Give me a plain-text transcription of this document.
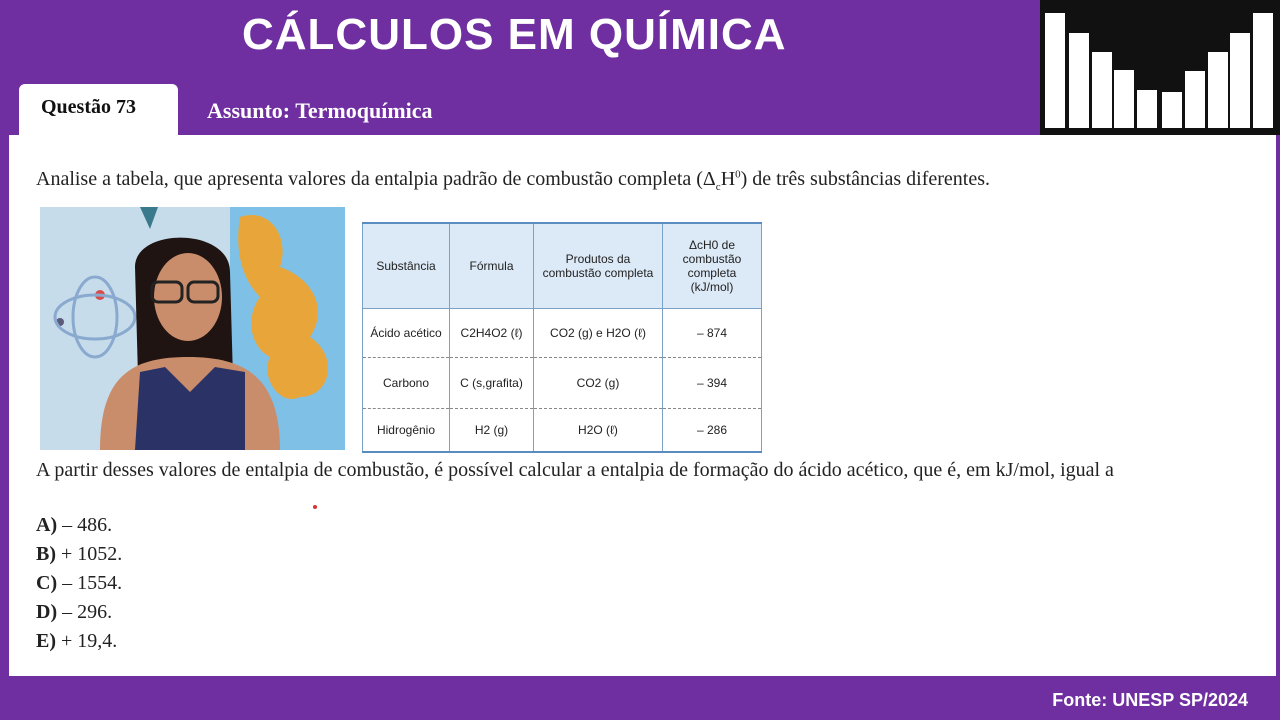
CÁLCULOS EM QUÍMICA
Questão 73	Assunto: Termoquímica
Analise a tabela, que apresenta valores da entalpia padrão de combustão completa $(\Delta_cH^0)$ de três substâncias diferentes.
Substância	Fórmula	Produtos da combustão completa	ΔcH0 de combustão completa (kJ/mol)
Ácido acético	C2H4O2 (ℓ)	CO2 (g) e H2O (ℓ)	– 874
Carbono	C (s,grafita)	CO2 (g)	– 394
Hidrogênio	H2 (g)	H2O (ℓ)	– 286
A partir desses valores de entalpia de combustão, é possível calcular a entalpia de formação do ácido acético, que é, em kJ/mol, igual a
A) – 486.
B) + 1052.
C) – 1554.
D) – 296.
E) + 19,4.
Fonte: UNESP SP/2024
